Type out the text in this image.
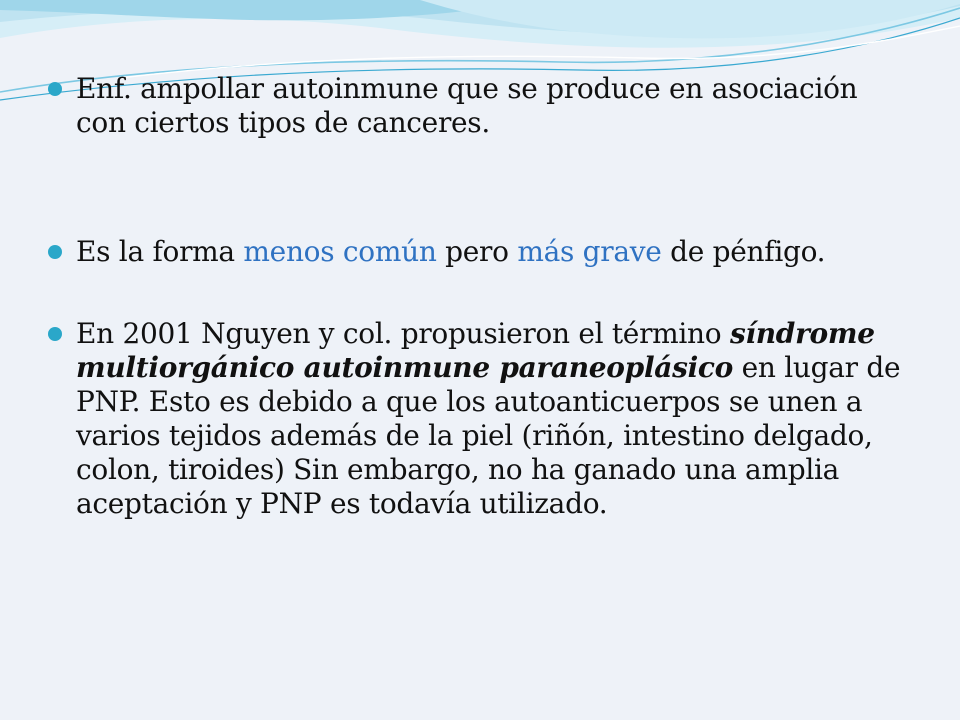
Enf. ampollar autoinmune que se produce en asociación con ciertos tipos de canceres.
Es la forma menos común pero más grave de pénfigo.
En 2001 Nguyen y col. propusieron el término síndrome multiorgánico autoinmune paraneoplásico en lugar de PNP. Esto es debido a que los autoanticuerpos se unen a varios tejidos además de la piel (riñón, intestino delgado, colon, tiroides) Sin embargo, no ha ganado una amplia aceptación y PNP es todavía utilizado.
